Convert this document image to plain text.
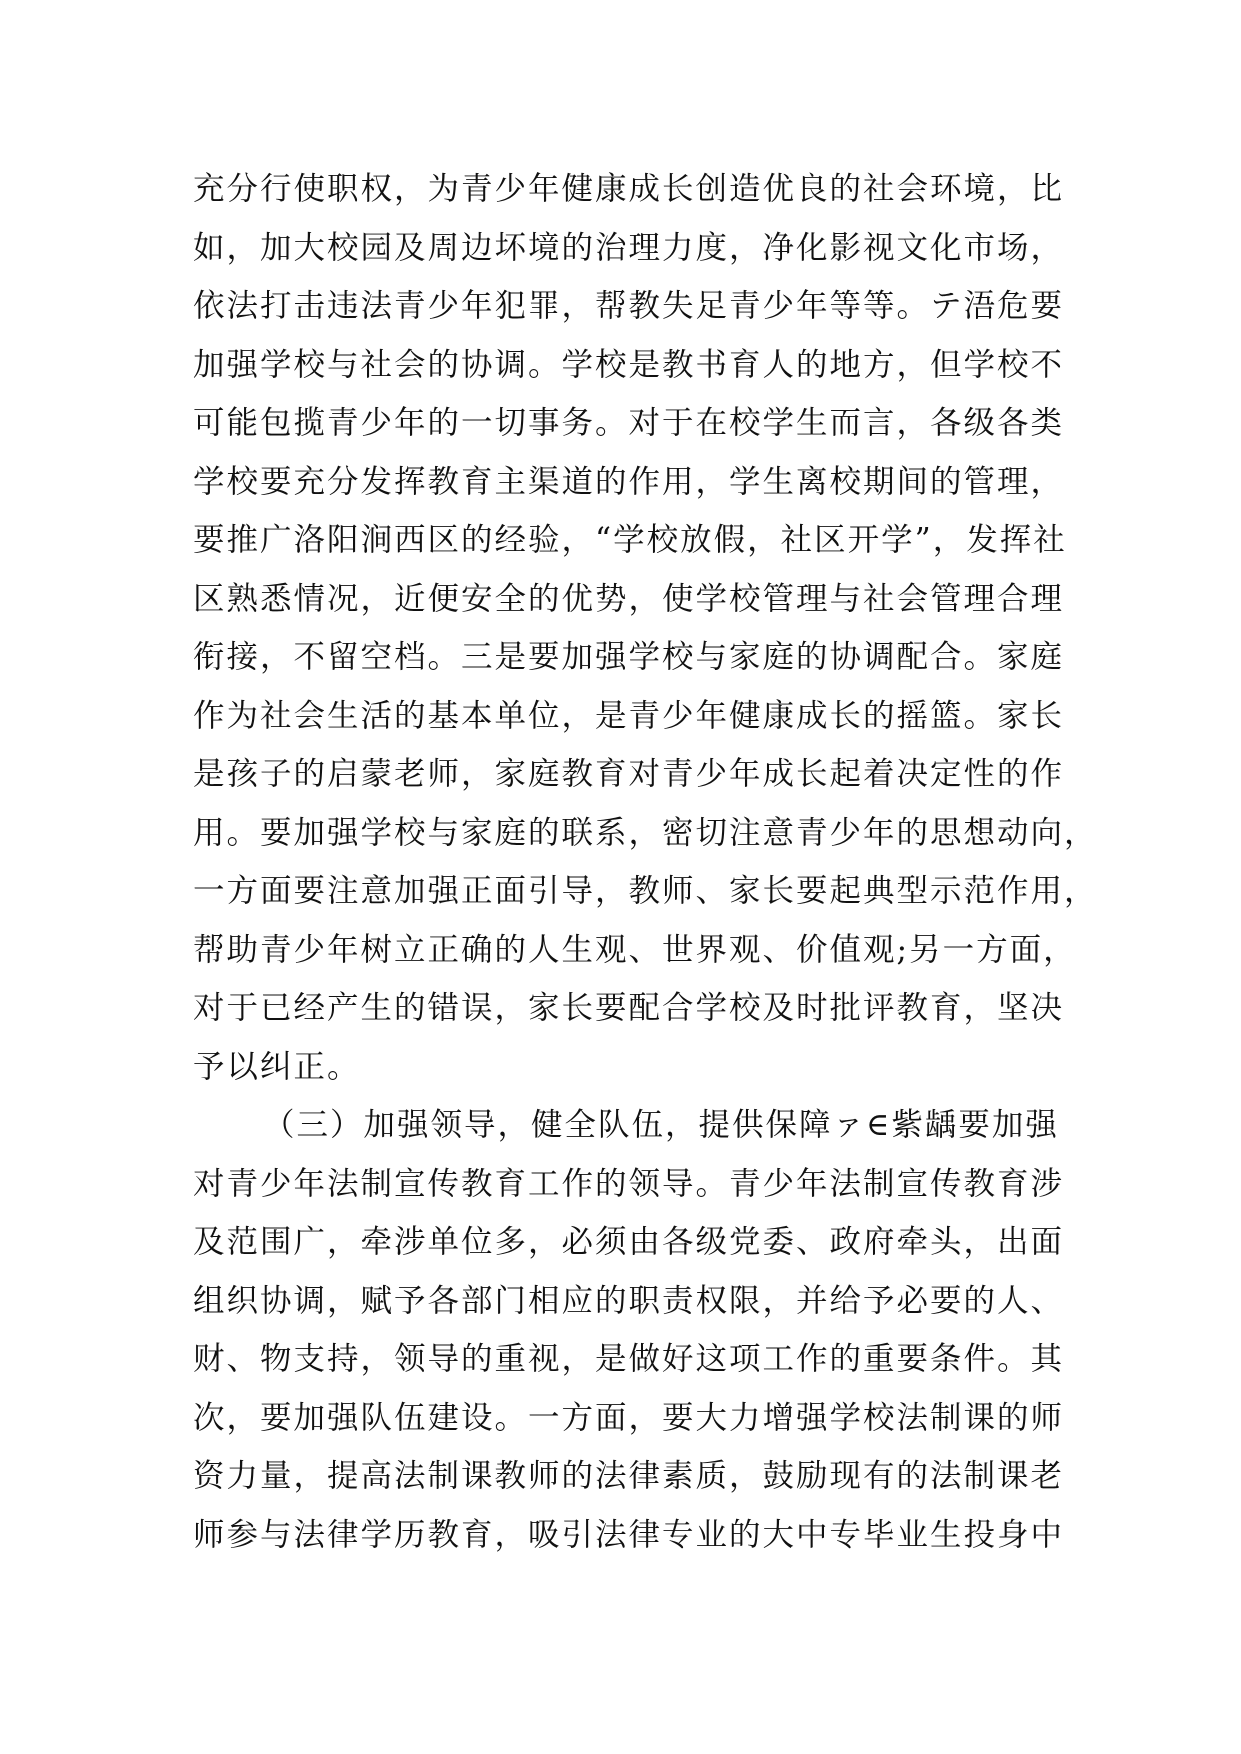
充分行使职权，为青少年健康成长创造优良的社会环境，比
如，加大校园及周边坏境的治理力度，净化影视文化市场，
依法打击违法青少年犯罪，帮教失足青少年等等。テ浯危要
加强学校与社会的协调。学校是教书育人的地方，但学校不
可能包揽青少年的一切事务。对于在校学生而言，各级各类
学校要充分发挥教育主渠道的作用，学生离校期间的管理，
要推广洛阳涧西区的经验，“学校放假，社区开学”，发挥社
区熟悉情况，近便安全的优势，使学校管理与社会管理合理
衔接，不留空档。三是要加强学校与家庭的协调配合。家庭
作为社会生活的基本单位，是青少年健康成长的摇篮。家长
是孩子的启蒙老师，家庭教育对青少年成长起着决定性的作
用。要加强学校与家庭的联系，密切注意青少年的思想动向，
一方面要注意加强正面引导，教师、家长要起典型示范作用，
帮助青少年树立正确的人生观、世界观、价值观;另一方面，
对于已经产生的错误，家长要配合学校及时批评教育，坚决
予以纠正。
（三）加强领导，健全队伍，提供保障ァ∈紫龋要加强
对青少年法制宣传教育工作的领导。青少年法制宣传教育涉
及范围广，牵涉单位多，必须由各级党委、政府牵头，出面
组织协调，赋予各部门相应的职责权限，并给予必要的人、
财、物支持，领导的重视，是做好这项工作的重要条件。其
次，要加强队伍建设。一方面，要大力增强学校法制课的师
资力量，提高法制课教师的法律素质，鼓励现有的法制课老
师参与法律学历教育，吸引法律专业的大中专毕业生投身中
